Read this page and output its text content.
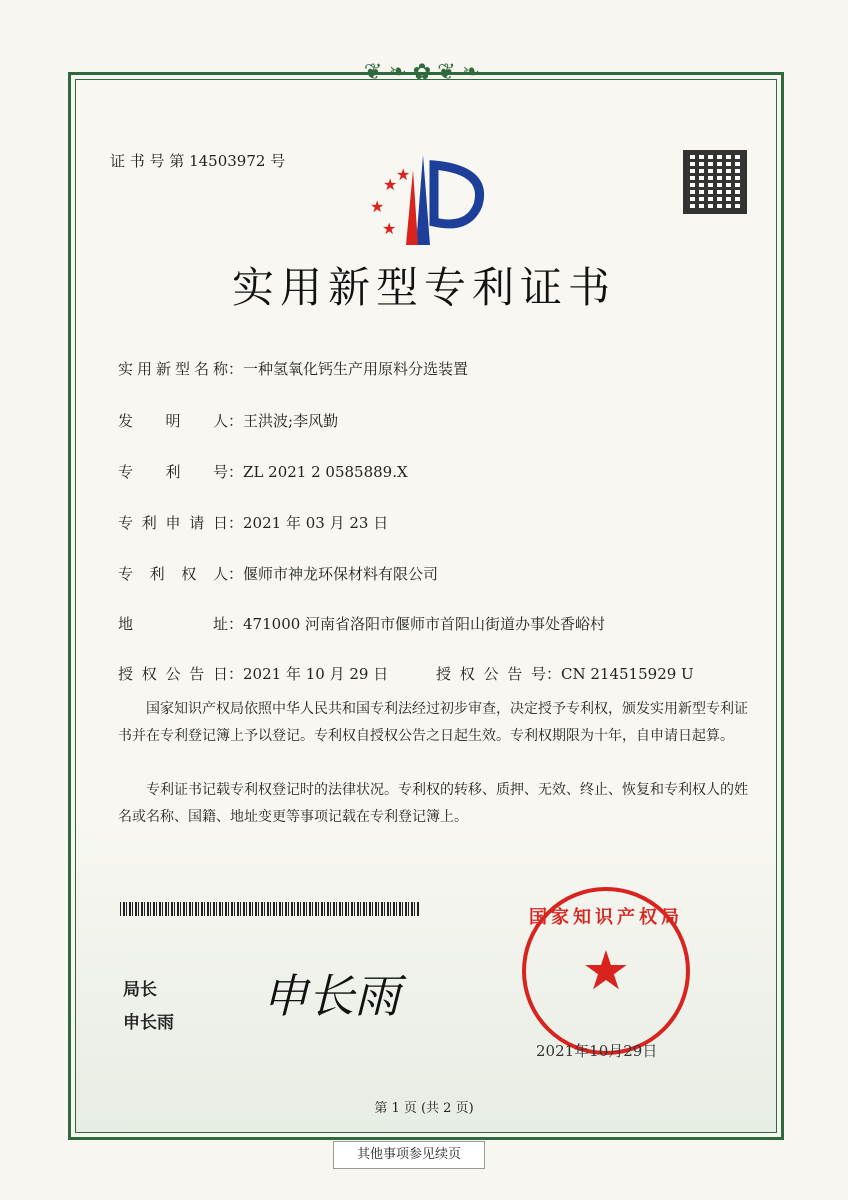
❦❧✿❦❧
证 书 号 第 14503972 号
★
★
★
★
实用新型专利证书
实用新型名称：一种氢氧化钙生产用原料分选装置
发明人：王洪波;李风勤
专利号：ZL 2021 2 0585889.X
专利申请日：2021 年 03 月 23 日
专利权人：偃师市神龙环保材料有限公司
地址：471000 河南省洛阳市偃师市首阳山街道办事处香峪村
授权公告日：2021 年 10 月 29 日	授权公告号：CN 214515929 U
国家知识产权局依照中华人民共和国专利法经过初步审查，决定授予专利权，颁发实用新型专利证书并在专利登记簿上予以登记。专利权自授权公告之日起生效。专利权期限为十年，自申请日起算。
专利证书记载专利权登记时的法律状况。专利权的转移、质押、无效、终止、恢复和专利权人的姓名或名称、国籍、地址变更等事项记载在专利登记簿上。
局长
申长雨 申长雨
国家知识产权局
★
2021年10月29日
第 1 页 (共 2 页)
其他事项参见续页
